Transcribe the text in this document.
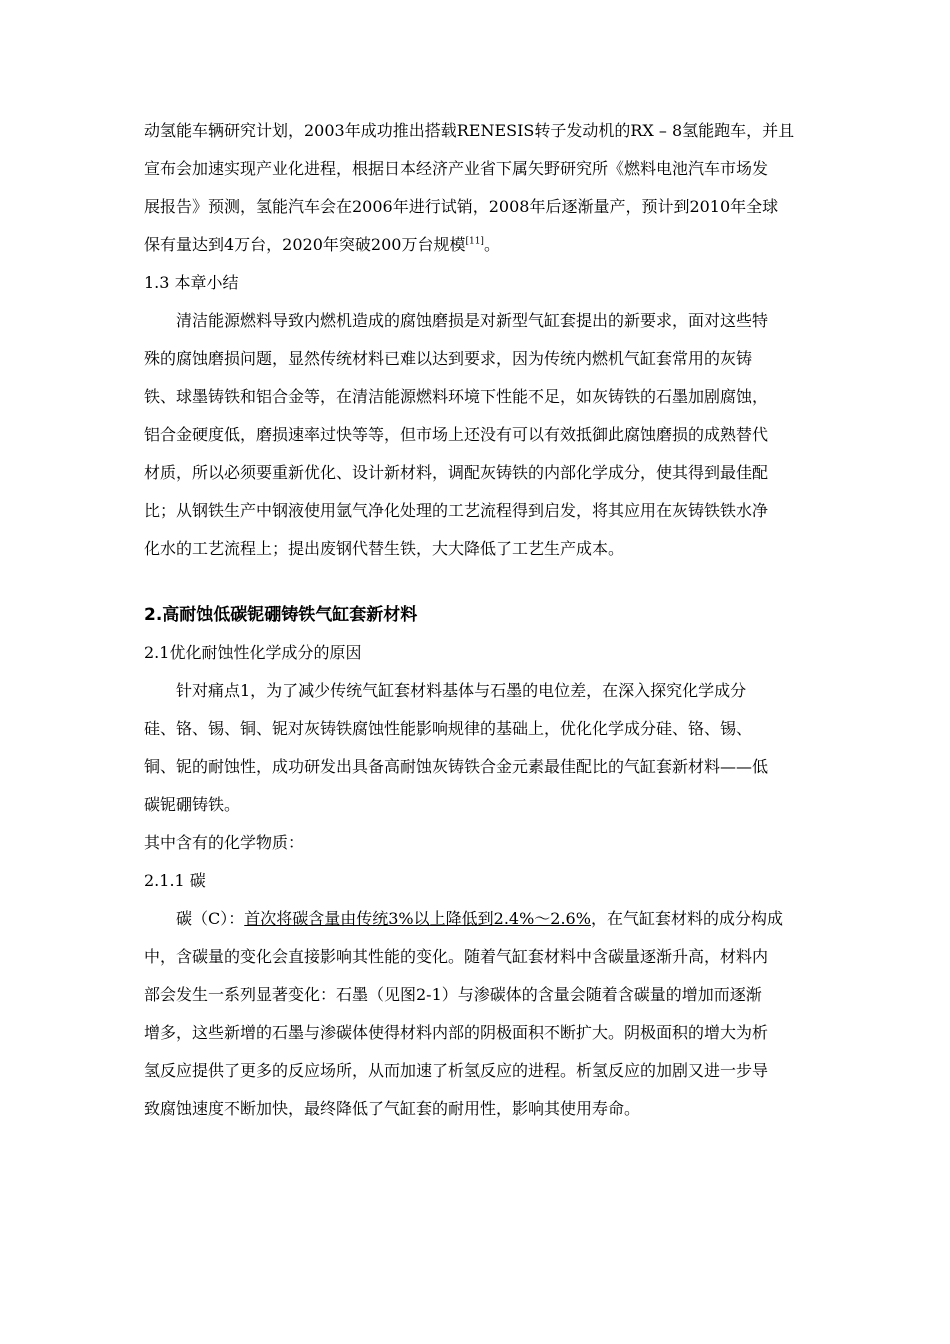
动氢能车辆研究计划，2003年成功推出搭载RENESIS转子发动机的RX – 8氢能跑车，并且
宣布会加速实现产业化进程，根据日本经济产业省下属矢野研究所《燃料电池汽车市场发
展报告》预测，氢能汽车会在2006年进行试销，2008年后逐渐量产，预计到2010年全球
保有量达到4万台，2020年突破200万台规模[11]。
1.3 本章小结
清洁能源燃料导致内燃机造成的腐蚀磨损是对新型气缸套提出的新要求，面对这些特
殊的腐蚀磨损问题，显然传统材料已难以达到要求，因为传统内燃机气缸套常用的灰铸
铁、球墨铸铁和铝合金等，在清洁能源燃料环境下性能不足，如灰铸铁的石墨加剧腐蚀，
铝合金硬度低，磨损速率过快等等，但市场上还没有可以有效抵御此腐蚀磨损的成熟替代
材质，所以必须要重新优化、设计新材料，调配灰铸铁的内部化学成分，使其得到最佳配
比；从钢铁生产中钢液使用氩气净化处理的工艺流程得到启发，将其应用在灰铸铁铁水净
化水的工艺流程上；提出废钢代替生铁，大大降低了工艺生产成本。
2.高耐蚀低碳铌硼铸铁气缸套新材料
2.1优化耐蚀性化学成分的原因
针对痛点1，为了减少传统气缸套材料基体与石墨的电位差，在深入探究化学成分
硅、铬、锡、铜、铌对灰铸铁腐蚀性能影响规律的基础上，优化化学成分硅、铬、锡、
铜、铌的耐蚀性，成功研发出具备高耐蚀灰铸铁合金元素最佳配比的气缸套新材料——低
碳铌硼铸铁。
其中含有的化学物质：
2.1.1 碳
碳（C）：首次将碳含量由传统3%以上降低到2.4%～2.6%，在气缸套材料的成分构成
中，含碳量的变化会直接影响其性能的变化。随着气缸套材料中含碳量逐渐升高，材料内
部会发生一系列显著变化：石墨（见图2-1）与渗碳体的含量会随着含碳量的增加而逐渐
增多，这些新增的石墨与渗碳体使得材料内部的阴极面积不断扩大。阴极面积的增大为析
氢反应提供了更多的反应场所，从而加速了析氢反应的进程。析氢反应的加剧又进一步导
致腐蚀速度不断加快，最终降低了气缸套的耐用性，影响其使用寿命。
